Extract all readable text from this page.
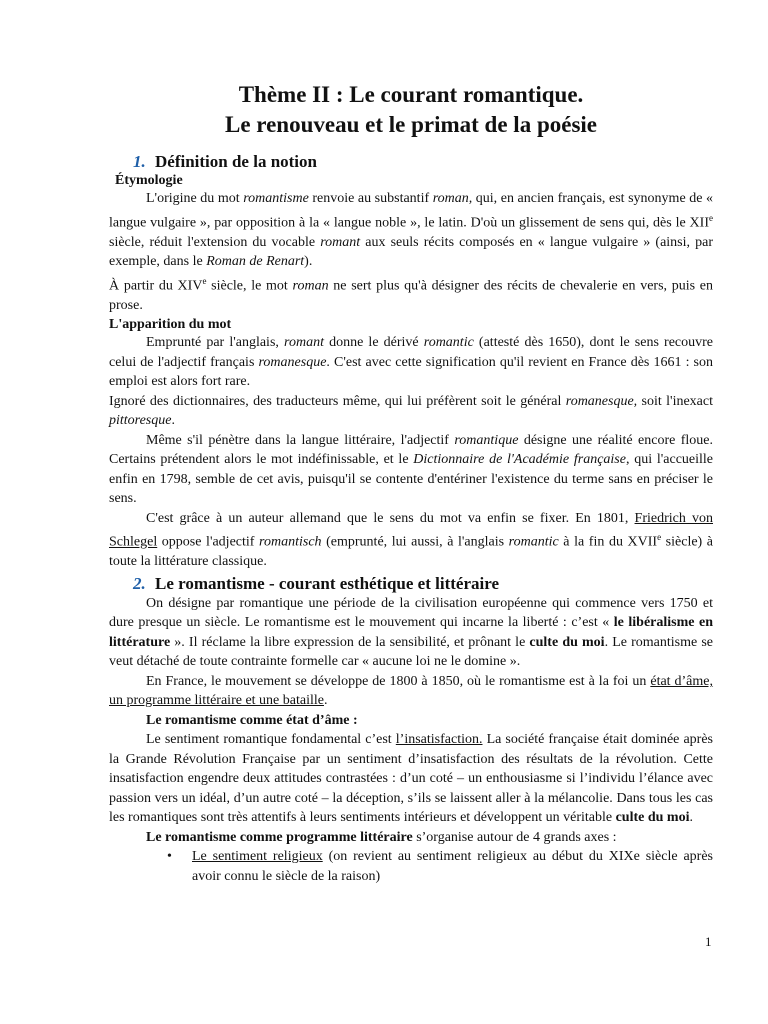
Thème II : Le courant romantique.
Le renouveau et le primat de la poésie
1. Définition de la notion
Étymologie

L'origine du mot romantisme renvoie au substantif roman, qui, en ancien français, est synonyme de « langue vulgaire », par opposition à la « langue noble », le latin. D'où un glissement de sens qui, dès le XIIe siècle, réduit l'extension du vocable romant aux seuls récits composés en « langue vulgaire » (ainsi, par exemple, dans le Roman de Renart).

À partir du XIVe siècle, le mot roman ne sert plus qu'à désigner des récits de chevalerie en vers, puis en prose.

L'apparition du mot

Emprunté par l'anglais, romant donne le dérivé romantic (attesté dès 1650), dont le sens recouvre celui de l'adjectif français romanesque. C'est avec cette signification qu'il revient en France dès 1661 : son emploi est alors fort rare.

Ignoré des dictionnaires, des traducteurs même, qui lui préfèrent soit le général romanesque, soit l'inexact pittoresque.

Même s'il pénètre dans la langue littéraire, l'adjectif romantique désigne une réalité encore floue. Certains prétendent alors le mot indéfinissable, et le Dictionnaire de l'Académie française, qui l'accueille enfin en 1798, semble de cet avis, puisqu'il se contente d'entériner l'existence du terme sans en préciser le sens.

C'est grâce à un auteur allemand que le sens du mot va enfin se fixer. En 1801, Friedrich von Schlegel oppose l'adjectif romantisch (emprunté, lui aussi, à l'anglais romantic à la fin du XVIIe siècle) à toute la littérature classique.

2. Le romantisme - courant esthétique et littéraire

On désigne par romantique une période de la civilisation européenne qui commence vers 1750 et dure presque un siècle. Le romantisme est le mouvement qui incarne la liberté : c’est « le libéralisme en littérature ». Il réclame la libre expression de la sensibilité, et prônant le culte du moi. Le romantisme se veut détaché de toute contrainte formelle car « aucune loi ne le domine ».

En France, le mouvement se développe de 1800 à 1850, où le romantisme est à la foi un état d’âme, un programme littéraire et une bataille.

Le romantisme comme état d’âme :

Le sentiment romantique fondamental c’est l’insatisfaction. La société française était dominée après la Grande Révolution Française par un sentiment d’insatisfaction des résultats de la révolution. Cette insatisfaction engendre deux attitudes contrastées : d’un coté – un enthousiasme si l’individu l’élance avec passion vers un idéal, d’un autre coté – la déception, s’ils se laissent aller à la mélancolie. Dans tous les cas les romantiques sont très attentifs à leurs sentiments intérieurs et développent un véritable culte du moi.

Le romantisme comme programme littéraire s’organise autour de 4 grands axes :

• Le sentiment religieux (on revient au sentiment religieux au début du XIXe siècle après avoir connu le siècle de la raison)

1
